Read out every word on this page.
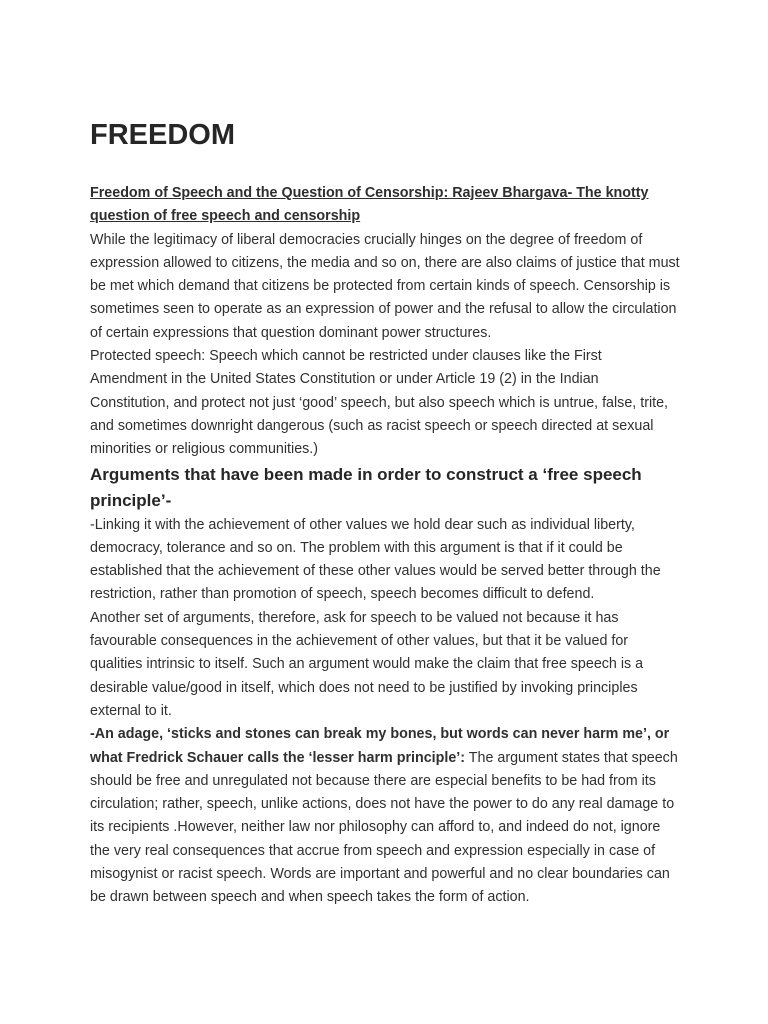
FREEDOM

Freedom of Speech and the Question of Censorship: Rajeev Bhargava- The knotty question of free speech and censorship

While the legitimacy of liberal democracies crucially hinges on the degree of freedom of expression allowed to citizens, the media and so on, there are also claims of justice that must be met which demand that citizens be protected from certain kinds of speech. Censorship is sometimes seen to operate as an expression of power and the refusal to allow the circulation of certain expressions that question dominant power structures.

Protected speech: Speech which cannot be restricted under clauses like the First Amendment in the United States Constitution or under Article 19 (2) in the Indian Constitution, and protect not just ‘good’ speech, but also speech which is untrue, false, trite, and sometimes downright dangerous (such as racist speech or speech directed at sexual minorities or religious communities.)

Arguments that have been made in order to construct a ‘free speech principle’-

-Linking it with the achievement of other values we hold dear such as individual liberty, democracy, tolerance and so on. The problem with this argument is that if it could be established that the achievement of these other values would be served better through the restriction, rather than promotion of speech, speech becomes difficult to defend.

Another set of arguments, therefore, ask for speech to be valued not because it has favourable consequences in the achievement of other values, but that it be valued for qualities intrinsic to itself. Such an argument would make the claim that free speech is a desirable value/good in itself, which does not need to be justified by invoking principles external to it.

-An adage, ‘sticks and stones can break my bones, but words can never harm me’, or what Fredrick Schauer calls the ‘lesser harm principle’: The argument states that speech should be free and unregulated not because there are especial benefits to be had from its circulation; rather, speech, unlike actions, does not have the power to do any real damage to its recipients .However, neither law nor philosophy can afford to, and indeed do not, ignore the very real consequences that accrue from speech and expression especially in case of misogynist or racist speech. Words are important and powerful and no clear boundaries can be drawn between speech and when speech takes the form of action.
